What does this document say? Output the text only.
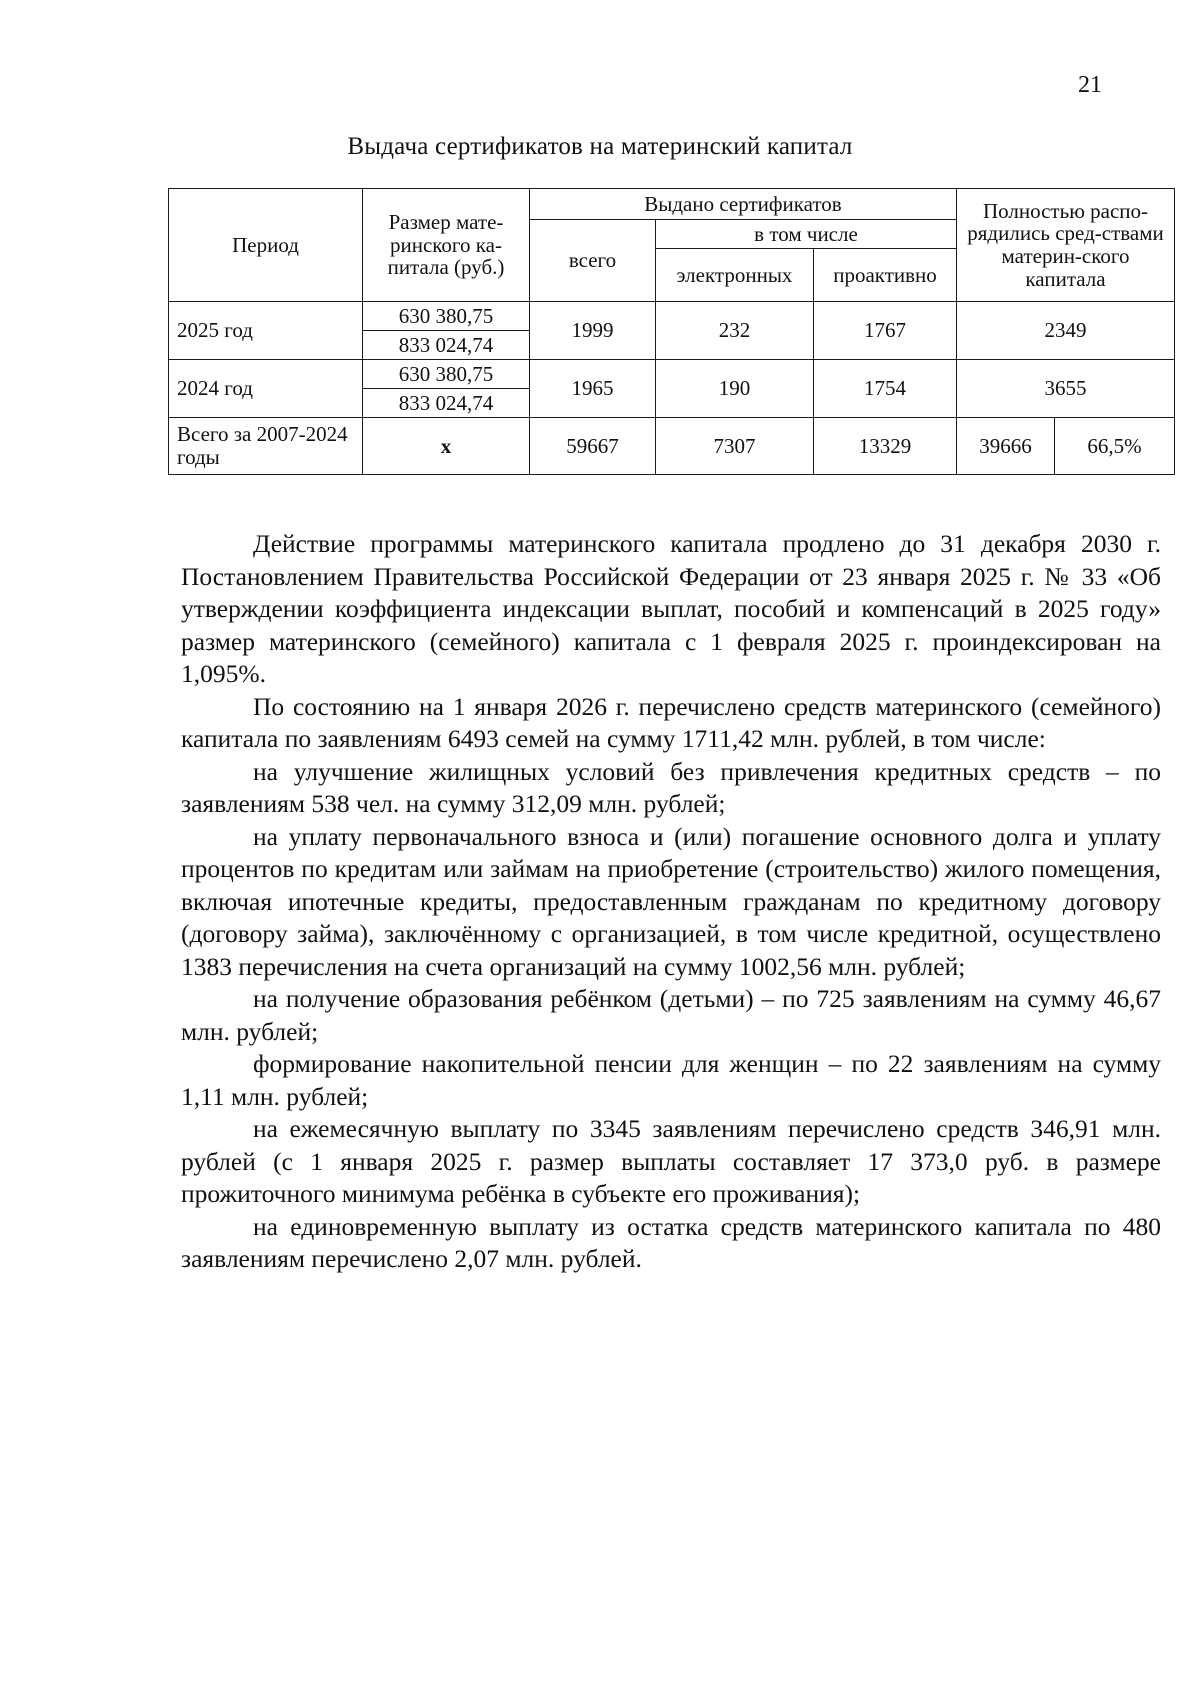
21
Выдача сертификатов на материнский капитал
Период	Размер мате-ринского ка-питала (руб.)	Выдано сертификатов			Полностью распо-рядились сред-ствами материн-ского капитала	
		всего	в том числе			
			электронных	проактивно		
2025 год	630 380,75	1999	232	1767	2349	
	833 024,74					
2024 год	630 380,75	1965	190	1754	3655	
	833 024,74					
Всего за 2007-2024 годы	х	59667	7307	13329	39666	66,5%

Действие программы материнского капитала продлено до 31 декабря 2030 г. Постановлением Правительства Российской Федерации от 23 января 2025 г. № 33 «Об утверждении коэффициента индексации выплат, пособий и компенсаций в 2025 году» размер материнского (семейного) капитала с 1 февраля 2025 г. проиндексирован на 1,095%.

По состоянию на 1 января 2026 г. перечислено средств материнского (семейного) капитала по заявлениям 6493 семей на сумму 1711,42 млн. рублей, в том числе:

на улучшение жилищных условий без привлечения кредитных средств – по заявлениям 538 чел. на сумму 312,09 млн. рублей;

на уплату первоначального взноса и (или) погашение основного долга и уплату процентов по кредитам или займам на приобретение (строительство) жилого помещения, включая ипотечные кредиты, предоставленным гражданам по кредитному договору (договору займа), заключённому с организацией, в том числе кредитной, осуществлено 1383 перечисления на счета организаций на сумму 1002,56 млн. рублей;

на получение образования ребёнком (детьми) – по 725 заявлениям на сумму 46,67 млн. рублей;

формирование накопительной пенсии для женщин – по 22 заявлениям на сумму 1,11 млн. рублей;

на ежемесячную выплату по 3345 заявлениям перечислено средств 346,91 млн. рублей (с 1 января 2025 г. размер выплаты составляет 17 373,0 руб. в размере прожиточного минимума ребёнка в субъекте его проживания);

на единовременную выплату из остатка средств материнского капитала по 480 заявлениям перечислено 2,07 млн. рублей.
